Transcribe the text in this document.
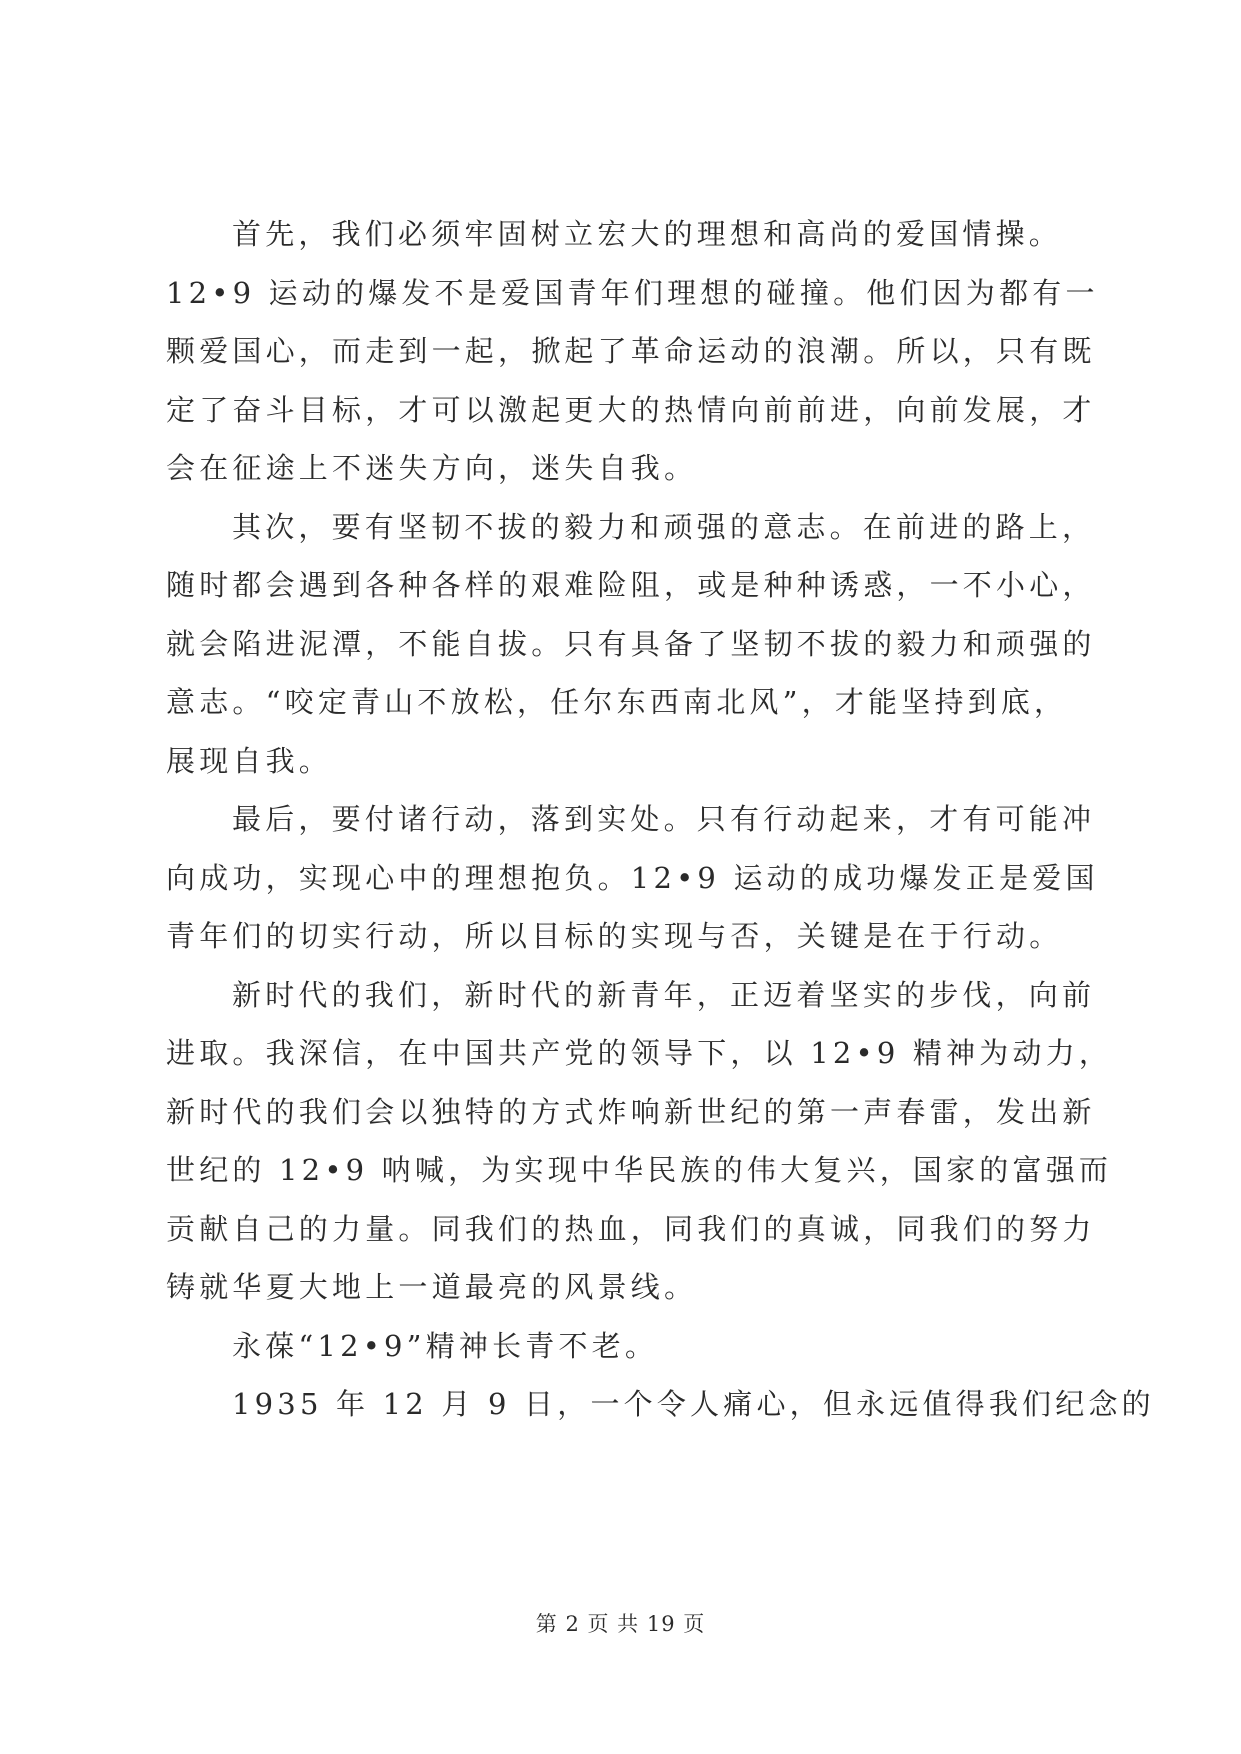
首先，我们必须牢固树立宏大的理想和高尚的爱国情操。
12•9 运动的爆发不是爱国青年们理想的碰撞。他们因为都有一
颗爱国心，而走到一起，掀起了革命运动的浪潮。所以，只有既
定了奋斗目标，才可以激起更大的热情向前前进，向前发展，才
会在征途上不迷失方向，迷失自我。
其次，要有坚韧不拔的毅力和顽强的意志。在前进的路上，
随时都会遇到各种各样的艰难险阻，或是种种诱惑，一不小心，
就会陷进泥潭，不能自拔。只有具备了坚韧不拔的毅力和顽强的
意志。“咬定青山不放松，任尔东西南北风”，才能坚持到底，
展现自我。
最后，要付诸行动，落到实处。只有行动起来，才有可能冲
向成功，实现心中的理想抱负。12•9 运动的成功爆发正是爱国
青年们的切实行动，所以目标的实现与否，关键是在于行动。
新时代的我们，新时代的新青年，正迈着坚实的步伐，向前
进取。我深信，在中国共产党的领导下，以 12•9 精神为动力，
新时代的我们会以独特的方式炸响新世纪的第一声春雷，发出新
世纪的 12•9 呐喊，为实现中华民族的伟大复兴，国家的富强而
贡献自己的力量。同我们的热血，同我们的真诚，同我们的努力
铸就华夏大地上一道最亮的风景线。
永葆“12•9”精神长青不老。
1935 年 12 月 9 日，一个令人痛心，但永远值得我们纪念的
第 2 页 共 19 页
